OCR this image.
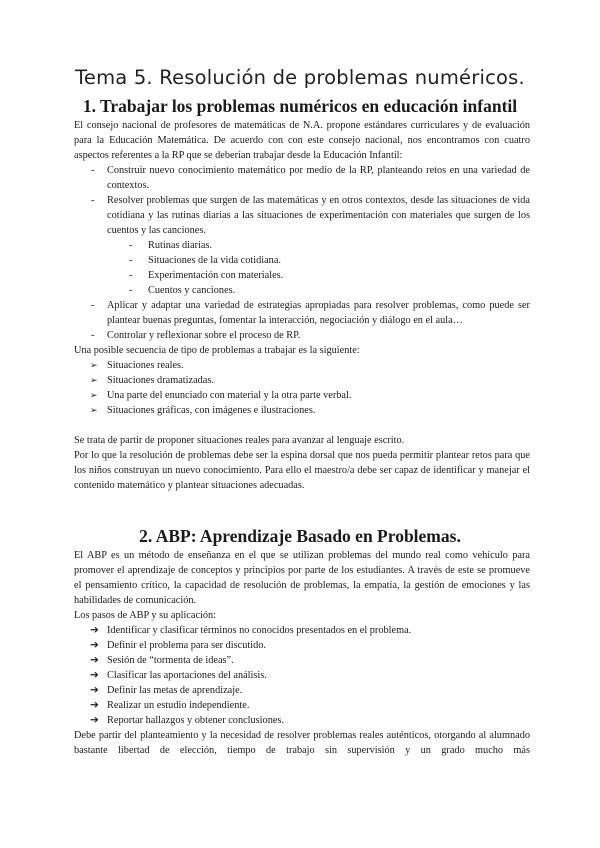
Tema 5. Resolución de problemas numéricos.
1. Trabajar los problemas numéricos en educación infantil

El consejo nacional de profesores de matemáticas de N.A. propone estándares curriculares y de evaluación para la Educación Matemática. De acuerdo con con este consejo nacional, nos encontramos con cuatro aspectos referentes a la RP que se deberían trabajar desde la Educación Infantil:

- Construir nuevo conocimiento matemático por medio de la RP, planteando retos en una variedad de contextos.
- Resolver problemas que surgen de las matemáticas y en otros contextos, desde las situaciones de vida cotidiana y las rutinas diarias a las situaciones de experimentación con materiales que surgen de los cuentos y las canciones.
- Rutinas diarias.
- Situaciones de la vida cotidiana.
- Experimentación con materiales.
- Cuentos y canciones.
- Aplicar y adaptar una variedad de estrategias apropiadas para resolver problemas, como puede ser plantear buenas preguntas, fomentar la interacción, negociación y diálogo en el aula…
- Controlar y reflexionar sobre el proceso de RP.

Una posible secuencia de tipo de problemas a trabajar es la siguiente:

➢ Situaciones reales.
➢ Situaciones dramatizadas.
➢ Una parte del enunciado con material y la otra parte verbal.
➢ Situaciones gráficas, con imágenes e ilustraciones.

Se trata de partir de proponer situaciones reales para avanzar al lenguaje escrito.

Por lo que la resolución de problemas debe ser la espina dorsal que nos pueda permitir plantear retos para que los niños construyan un nuevo conocimiento. Para ello el maestro/a debe ser capaz de identificar y manejar el contenido matemático y plantear situaciones adecuadas.

2. ABP: Aprendizaje Basado en Problemas.

El ABP es un método de enseñanza en el que se utilizan problemas del mundo real como vehículo para promover el aprendizaje de conceptos y principios por parte de los estudiantes. A través de este se promueve el pensamiento crítico, la capacidad de resolución de problemas, la empatía, la gestión de emociones y las habilidades de comunicación.

Los pasos de ABP y su aplicación:

➔ Identificar y clasificar términos no conocidos presentados en el problema.
➔ Definir el problema para ser discutido.
➔ Sesión de “tormenta de ideas”.
➔ Clasificar las aportaciones del análisis.
➔ Definir las metas de aprendizaje.
➔ Realizar un estudio independiente.
➔ Reportar hallazgos y obtener conclusiones.

Debe partir del planteamiento y la necesidad de resolver problemas reales auténticos, otorgando al alumnado bastante libertad de elección, tiempo de trabajo sin supervisión y un grado mucho más
